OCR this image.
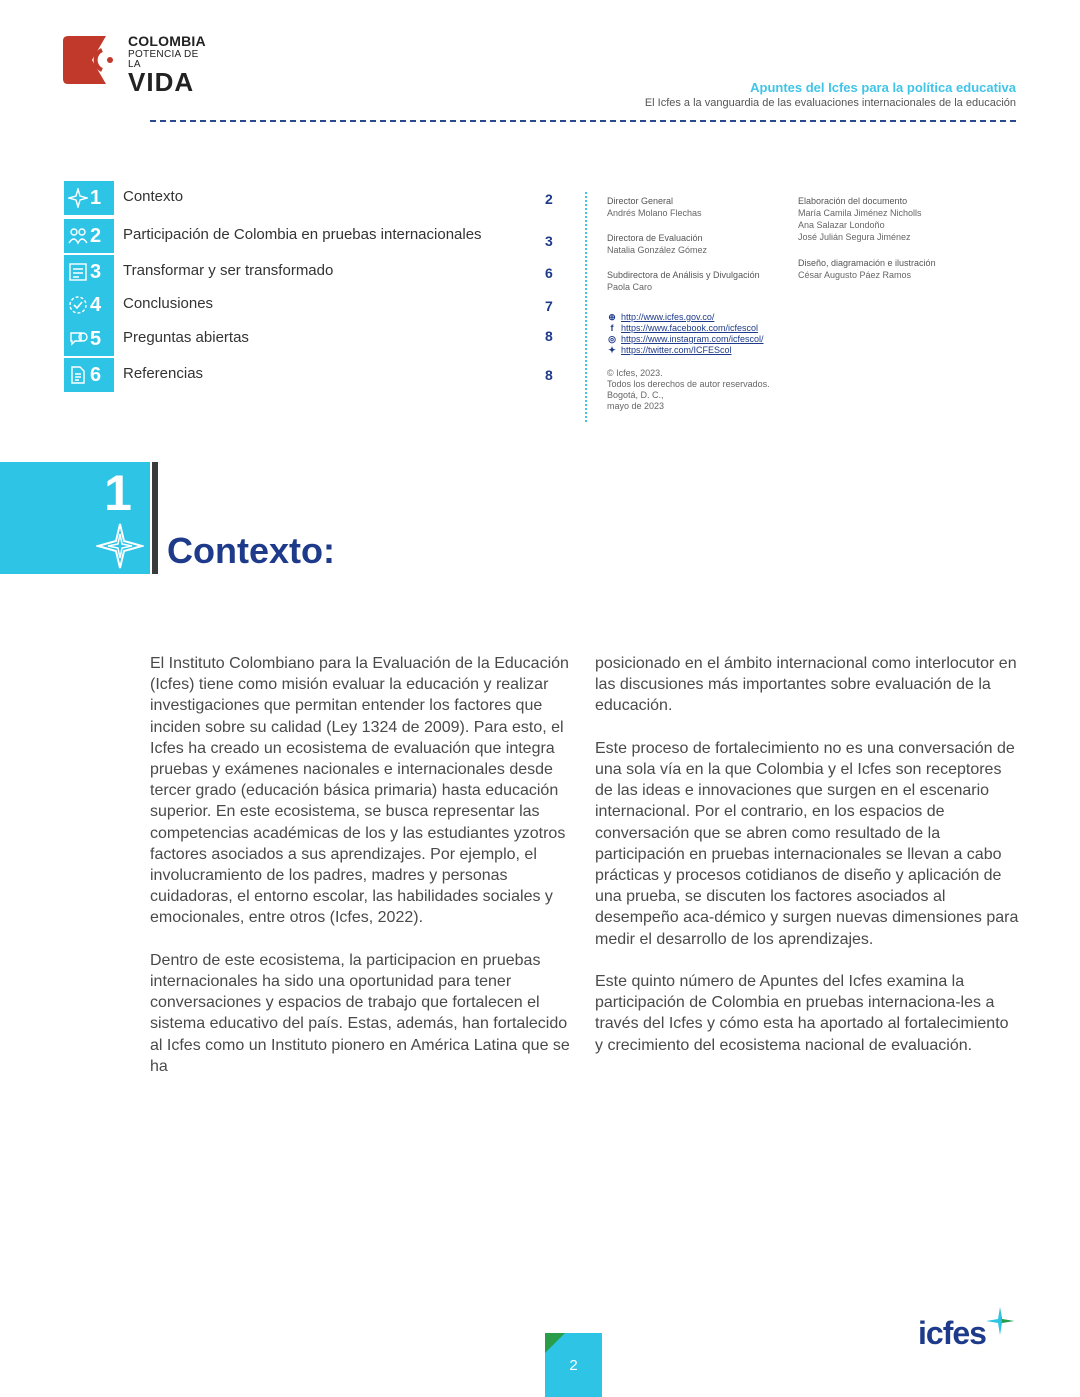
COLOMBIA
POTENCIA DE LA
VIDA	Apuntes del Icfes para la política educativa
El Icfes a la vanguardia de las evaluaciones internacionales de la educación
1 Contexto	2
2 Participación de Colombia en pruebas internacionales	3
3 Transformar y ser transformado	6
4 Conclusiones	7
5 Preguntas abiertas	8
6 Referencias	8
Director General
Andrés Molano Flechas
Directora de Evaluación
Natalia González Gómez
Subdirectora de Análisis y Divulgación
Paola Caro
⊕ http://www.icfes.gov.co/
f https://www.facebook.com/icfescol
◎ https://www.instagram.com/icfescol/
✦ https://twitter.com/ICFEScol
© Icfes, 2023.
Todos los derechos de autor reservados.
Bogotá, D. C.,
mayo de 2023
Elaboración del documento
María Camila Jiménez Nicholls
Ana Salazar Londoño
José Julián Segura Jiménez
Diseño, diagramación e ilustración
César Augusto Páez Ramos
1
Contexto:

El Instituto Colombiano para la Evaluación de la Educación (Icfes) tiene como misión evaluar la educación y realizar investigaciones que permitan entender los factores que inciden sobre su calidad (Ley 1324 de 2009). Para esto, el Icfes ha creado un ecosistema de evaluación que integra pruebas y exámenes nacionales e internacionales desde tercer grado (educación básica primaria) hasta educación superior. En este ecosistema, se busca representar las competencias académicas de los y las estudiantes yzotros factores asociados a sus aprendizajes. Por ejemplo, el involucramiento de los padres, madres y personas cuidadoras, el entorno escolar, las habilidades sociales y emocionales, entre otros (Icfes, 2022).

Dentro de este ecosistema, la participacion en pruebas internacionales ha sido una oportunidad para tener conversaciones y espacios de trabajo que fortalecen el sistema educativo del país. Estas, además, han fortalecido al Icfes como un Instituto pionero en América Latina que se ha

posicionado en el ámbito internacional como interlocutor en las discusiones más importantes sobre evaluación de la educación.

Este proceso de fortalecimiento no es una conversación de una sola vía en la que Colombia y el Icfes son receptores de las ideas e innovaciones que surgen en el escenario internacional. Por el contrario, en los espacios de conversación que se abren como resultado de la participación en pruebas internacionales se llevan a cabo prácticas y procesos cotidianos de diseño y aplicación de una prueba, se discuten los factores asociados al desempeño aca-démico y surgen nuevas dimensiones para medir el desarrollo de los aprendizajes.

Este quinto número de Apuntes del Icfes examina la participación de Colombia en pruebas internaciona-les a través del Icfes y cómo esta ha aportado al fortalecimiento y crecimiento del ecosistema nacional de evaluación.

2
icfes
